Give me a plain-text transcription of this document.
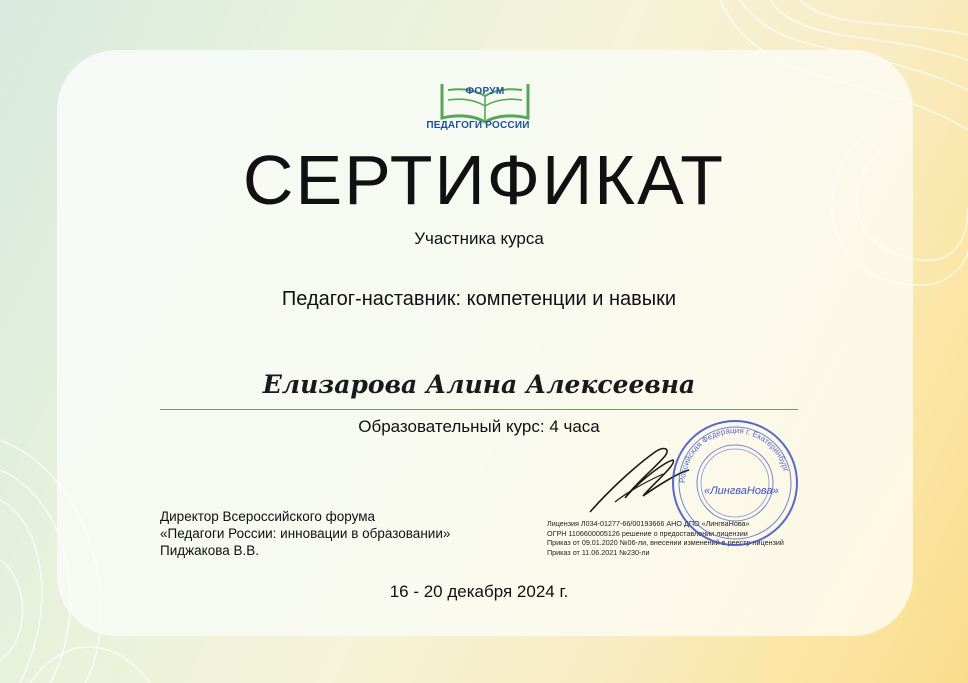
ФОРУМ
ПЕДАГОГИ РОССИИ
СЕРТИФИКАТ
Участника курса
Педагог-наставник: компетенции и навыки
Елизарова Алина Алексеевна
Образовательный курс: 4 часа
Директор Всероссийского форума
«Педагоги России: инновации в образовании»
Пиджакова В.В.
Лицензия Л034-01277-66/00193666 АНО ДПО «ЛингваНова»
ОГРН 1106600005126 решение о предоставлении лицензии
Приказ от 09.01.2020 №06-ли, внесении изменений в реестр лицензий
Приказ от 11.06.2021 №230-ли
Российская Федерация г. Екатеринбург
«ЛингваНова»
16 - 20 декабря 2024 г.
